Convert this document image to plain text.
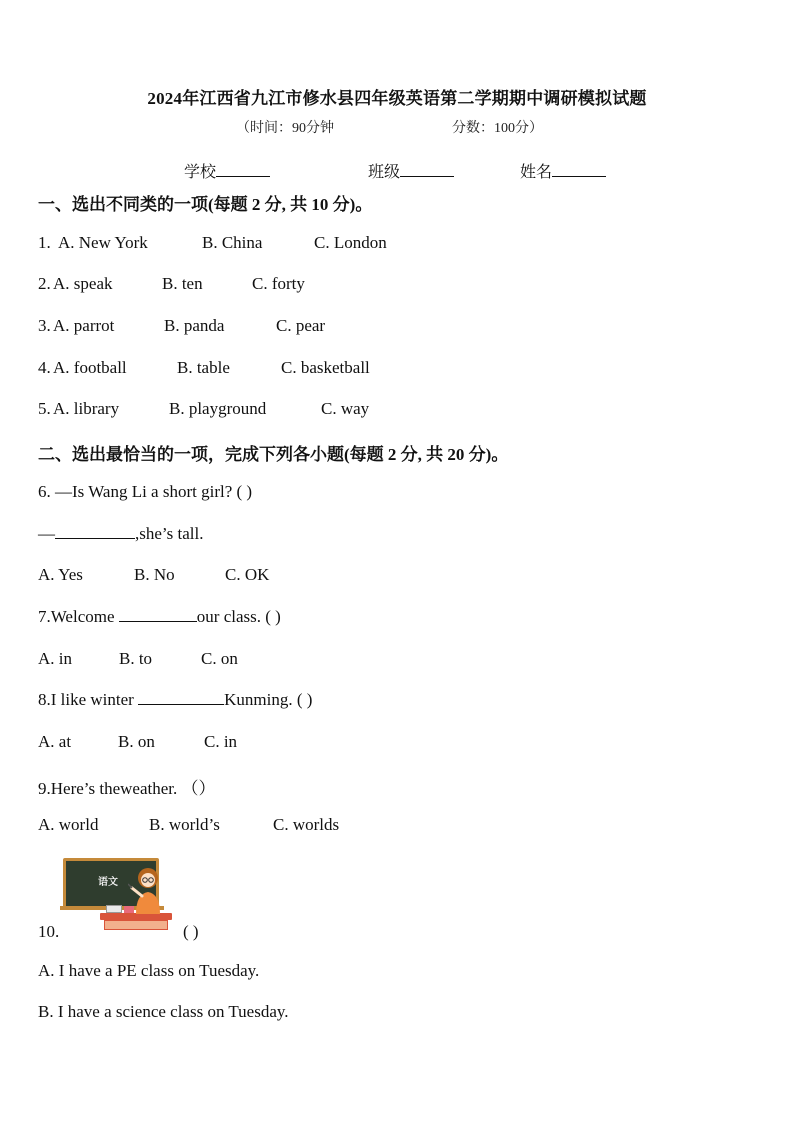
2024年江西省九江市修水县四年级英语第二学期期中调研模拟试题
（时间：90分钟	分数：100分）
学校	班级	姓名
一、选出不同类的一项(每题 2 分, 共 10 分)。
1. A. New York	B. China	C. London
2. A. speak	B. ten	C. forty
3. A. parrot	B. panda	C. pear
4. A. football	B. table	C. basketball
5. A. library	B. playground	C. way
二、选出最恰当的一项，完成下列各小题(每题 2 分, 共 20 分)。
6. —Is Wang Li a short girl? ( )
—	,she’s tall.
A. Yes	B. No	C. OK
7.Welcome	our class. ( )
A. in	B. to	C. on
8.I like winter	Kunming. ( )
A. at	B. on	C. in
9.Here’s theweather. （）
A. world	B. world’s	C. worlds
语文
10.	( )
A. I have a PE class on Tuesday.
B. I have a science class on Tuesday.
